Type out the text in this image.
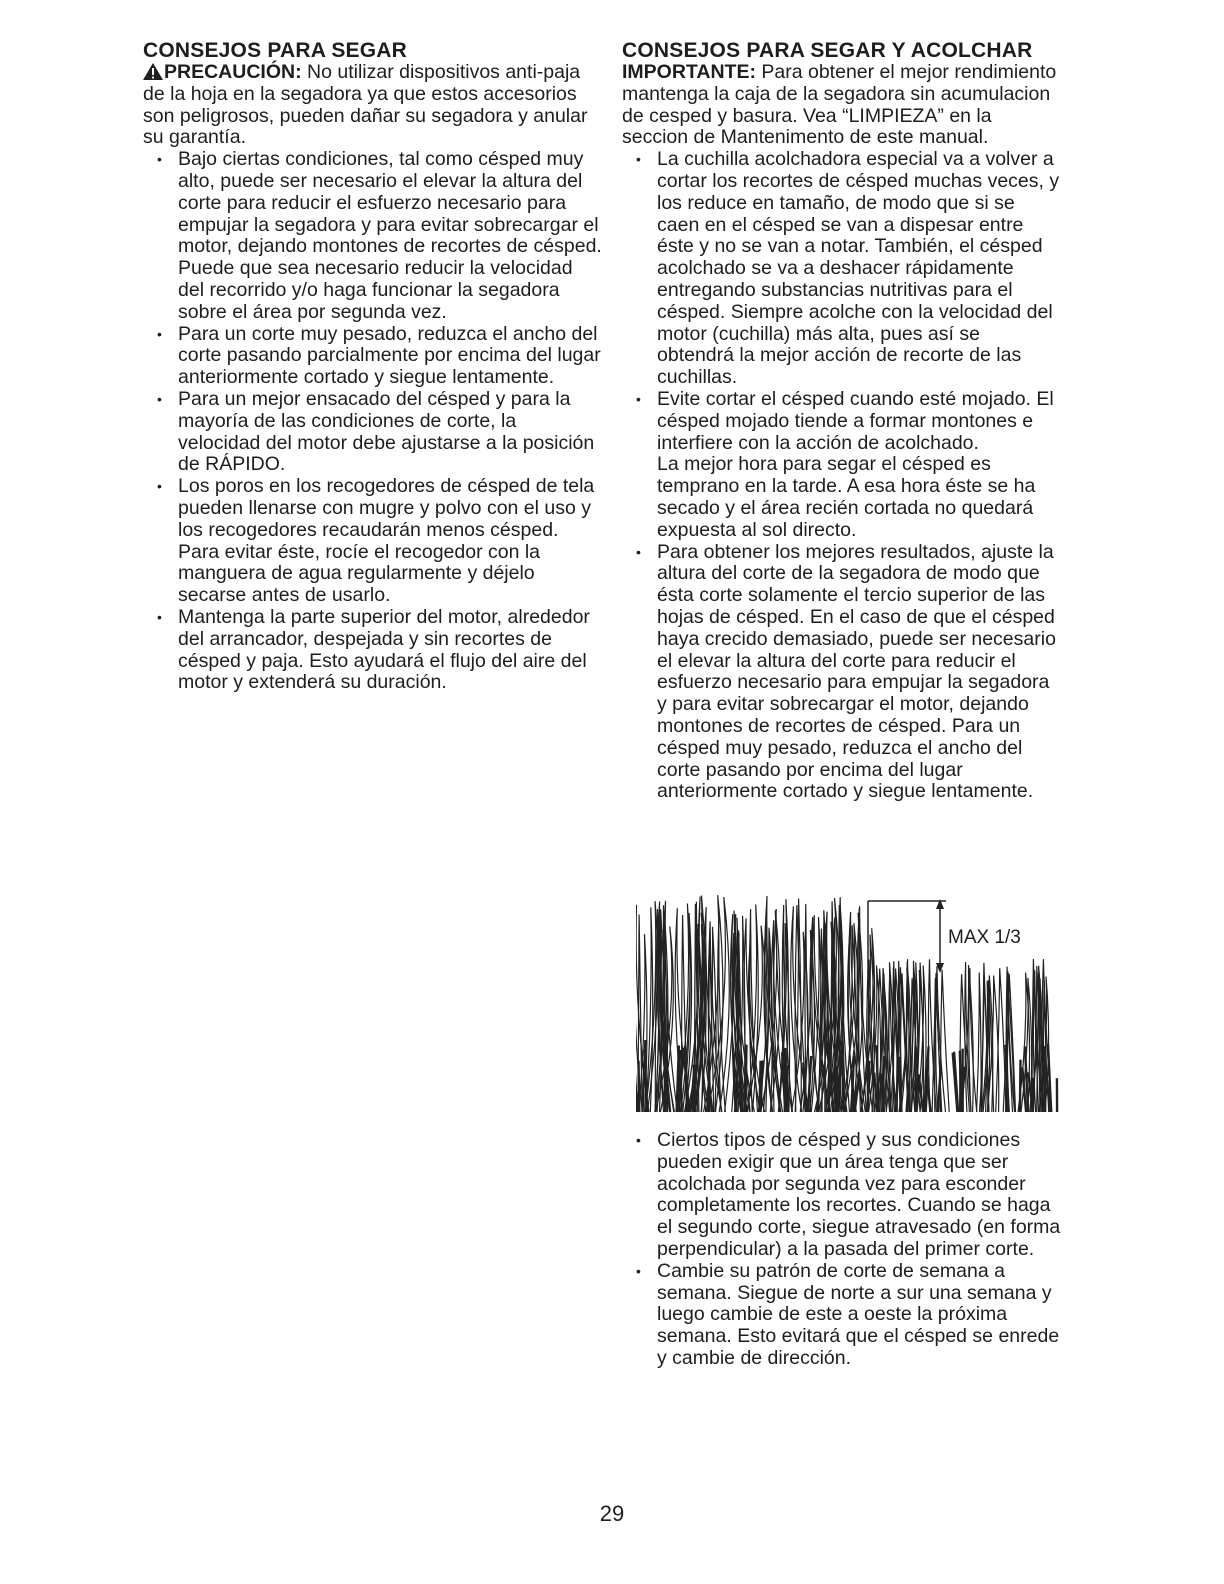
CONSEJOS PARA SEGAR

PRECAUCIÓN: No utilizar dispositivos anti-paja de la hoja en la segadora ya que estos accesorios son peligrosos, pueden dañar su segadora y anular su garantía.

• Bajo ciertas condiciones, tal como césped muy alto, puede ser necesario el elevar la altura del corte para reducir el esfuerzo necesario para empujar la segadora y para evitar sobrecargar el motor, dejando montones de recortes de césped. Puede que sea necesario reducir la velocidad del recorrido y/o haga funcionar la segadora sobre el área por segunda vez.
• Para un corte muy pesado, reduzca el ancho del corte pasando parcialmente por encima del lugar anteriormente cortado y siegue lentamente.
• Para un mejor ensacado del césped y para la mayoría de las condiciones de corte, la velocidad del motor debe ajustarse a la posición de RÁPIDO.
• Los poros en los recogedores de césped de tela pueden llenarse con mugre y polvo con el uso y los recogedores recaudarán menos césped. Para evitar éste, rocíe el recogedor con la manguera de agua regularmente y déjelo secarse antes de usarlo.
• Mantenga la parte superior del motor, alrededor del arrancador, despejada y sin recortes de césped y paja. Esto ayudará el flujo del aire del motor y extenderá su duración.
CONSEJOS PARA SEGAR Y ACOLCHAR

IMPORTANTE: Para obtener el mejor rendimiento mantenga la caja de la segadora sin acumulacion de cesped y basura. Vea “LIMPIEZA” en la seccion de Mantenimento de este manual.

• La cuchilla acolchadora especial va a volver a cortar los recortes de césped muchas veces, y los reduce en tamaño, de modo que si se caen en el césped se van a dispesar entre éste y no se van a notar. También, el césped acolchado se va a deshacer rápidamente entregando substancias nutritivas para el césped. Siempre acolche con la velocidad del motor (cuchilla) más alta, pues así se obtendrá la mejor acción de recorte de las cuchillas.
• Evite cortar el césped cuando esté mojado. El césped mojado tiende a formar montones e interfiere con la acción de acolchado.
La mejor hora para segar el césped es temprano en la tarde. A esa hora éste se ha secado y el área recién cortada no quedará expuesta al sol directo.
• Para obtener los mejores resultados, ajuste la altura del corte de la segadora de modo que ésta corte solamente el tercio superior de las hojas de césped. En el caso de que el césped haya crecido demasiado, puede ser necesario el elevar la altura del corte para reducir el esfuerzo necesario para empujar la segadora y para evitar sobrecargar el motor, dejando montones de recortes de césped. Para un césped muy pesado, reduzca el ancho del corte pasando por encima del lugar anteriormente cortado y siegue lentamente.
MAX 1/3
• Ciertos tipos de césped y sus condiciones pueden exigir que un área tenga que ser acolchada por segunda vez para esconder completamente los recortes. Cuando se haga el segundo corte, siegue atravesado (en forma perpendicular) a la pasada del primer corte.
• Cambie su patrón de corte de semana a semana. Siegue de norte a sur una semana y luego cambie de este a oeste la próxima semana. Esto evitará que el césped se enrede y cambie de dirección.
29
